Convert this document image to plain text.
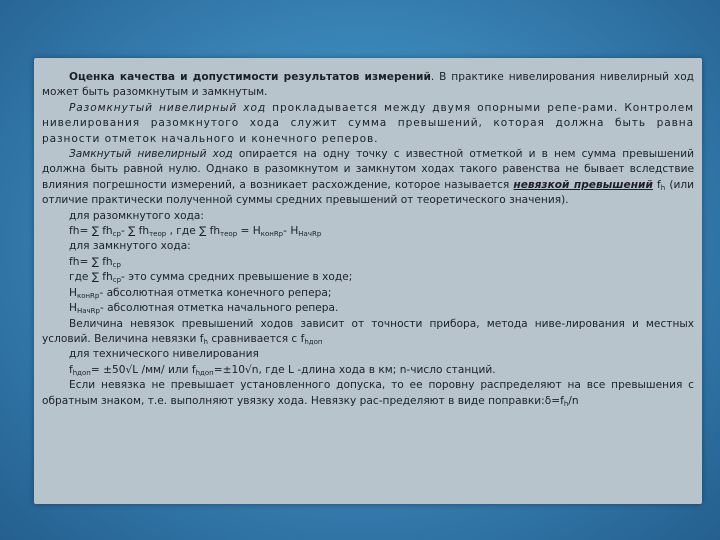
Оценка качества и допустимости результатов измерений. В практике нивелирования нивелирный ход может быть разомкнутым и замкнутым.

Разомкнутый нивелирный ход прокладывается между двумя опорными репе-рами. Контролем нивелирования разомкнутого хода служит сумма превышений, которая должна быть равна разности отметок начального и конечного реперов.

Замкнутый нивелирный ход опирается на одну точку с известной отметкой и в нем сумма превышений должна быть равной нулю. Однако в разомкнутом и замкнутом ходах такого равенства не бывает вследствие влияния погрешности измерений, а возникает расхождение, которое называется невязкой превышений $f_h$ (или отличие практически полученной суммы средних превышений от теоретического значения).

для разомкнутого хода:

fh= ∑ $fh_{ср}-$ ∑ $fh_{теор}$ , где ∑ $fh_{теор} = H_{конRр}-$ $H_{НачRр}$

для замкнутого хода:

fh= ∑ $fh_{ср}$

где ∑ $fh_{ср}-$ это сумма средних превышение в ходе;

$H_{конRр}-$ абсолютная отметка конечного репера;

$H_{НачRр}-$ абсолютная отметка начального репера.

Величина невязок превышений ходов зависит от точности прибора, метода ниве-лирования и местных условий. Величина невязки $f_h$ сравнивается с $f_{hдоп}$

для технического нивелирования

$f_{hдоп}= \pm 50√L$ /мм/ или $f_{hдоп}=\pm 10√n$, где L -длина хода в км; n-число станций.

Если невязка не превышает установленного допуска, то ее поровну распределяют на все превышения с обратным знаком, т.е. выполняют увязку хода. Невязку рас-пределяют в виде $поправки:\delta=f_h/n$
